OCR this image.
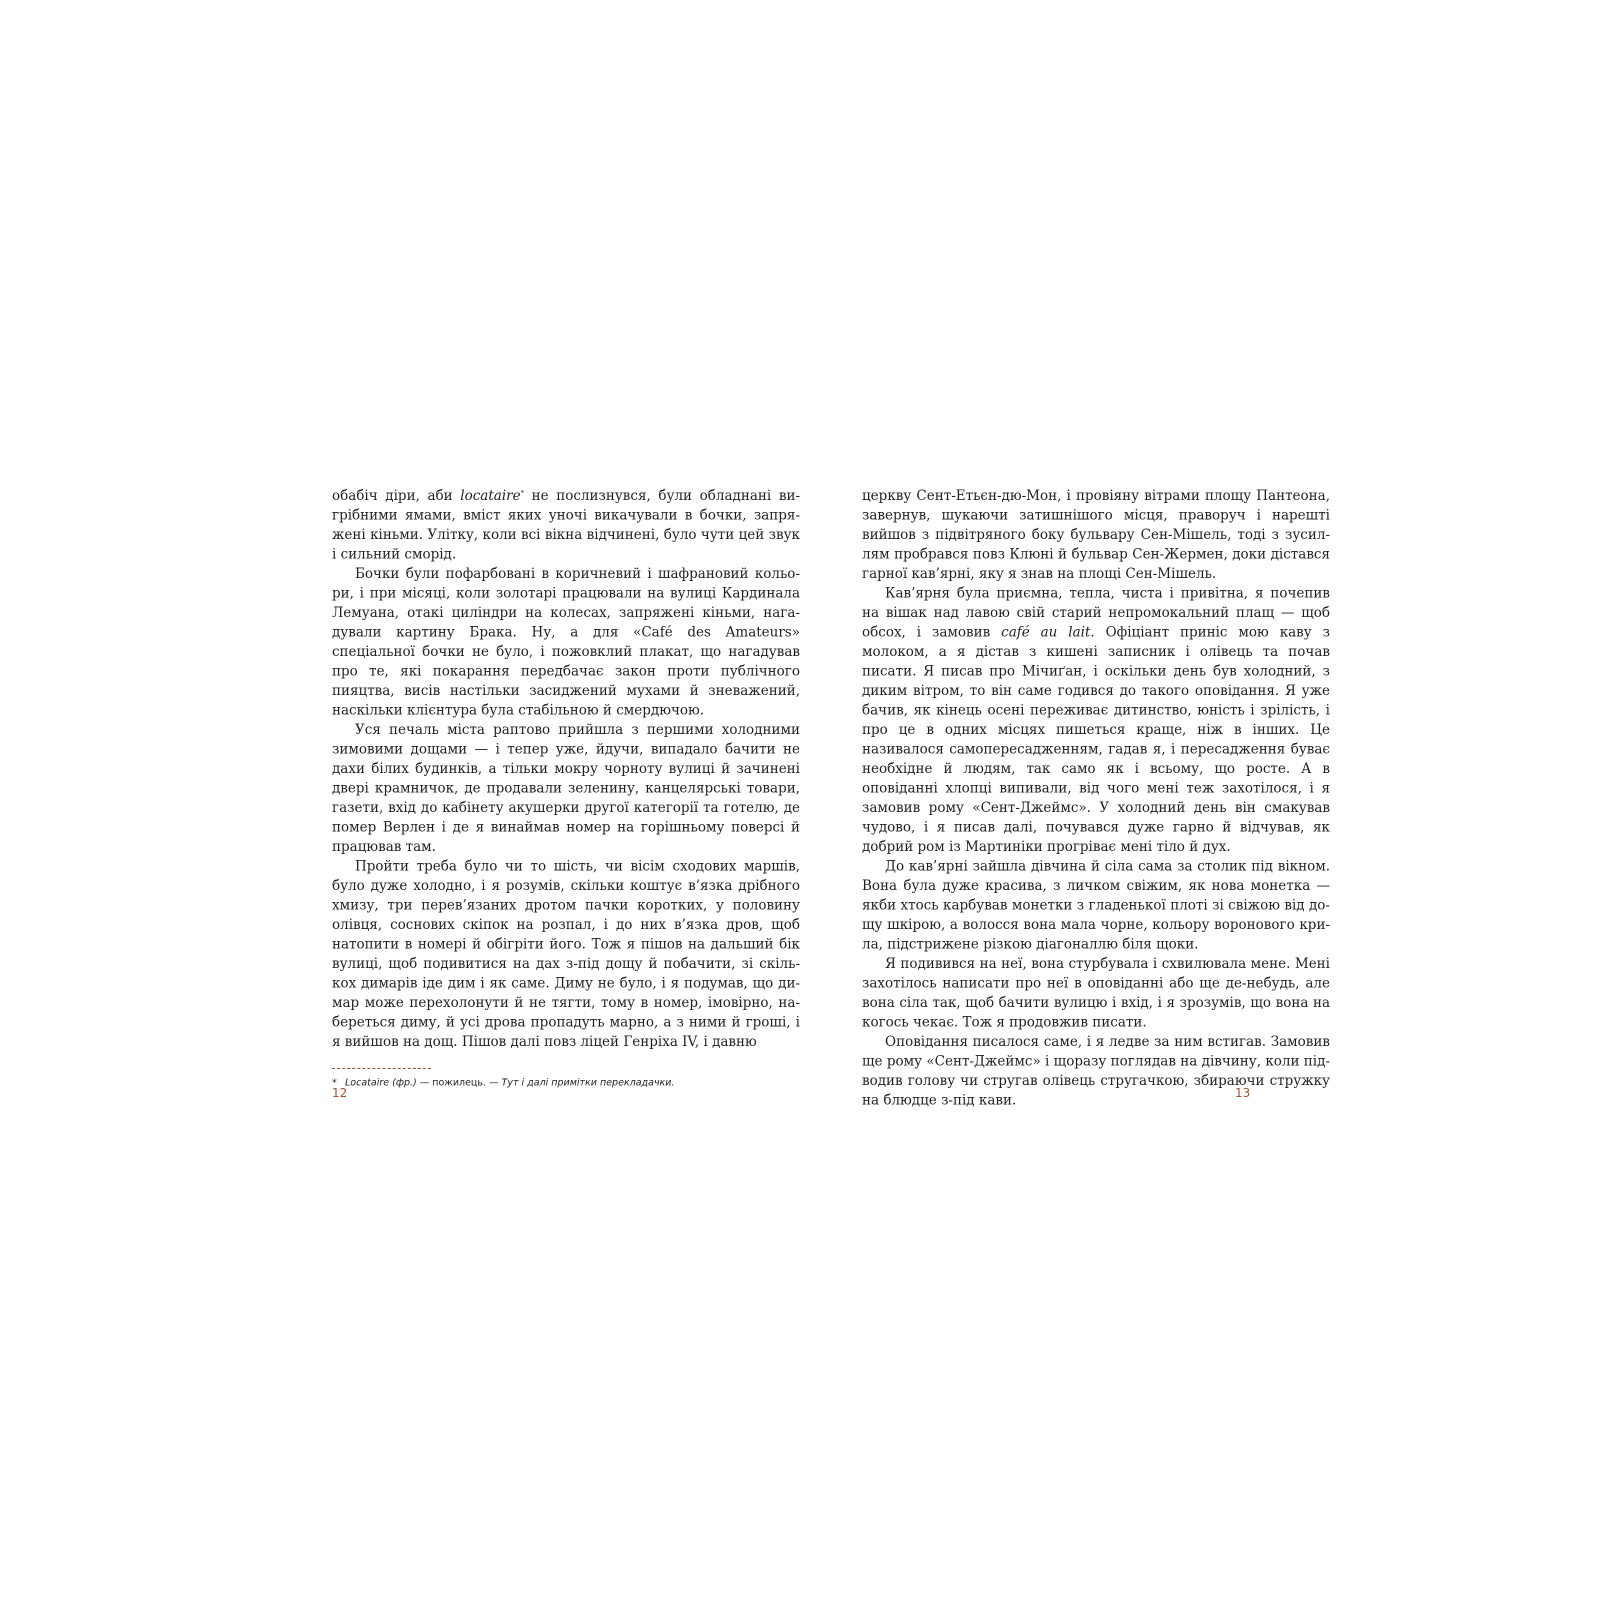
обабіч діри, аби locataire* не послизнувся, були обладнані вигрібними ямами, вміст яких уночі викачували в бочки, запряжені кіньми. Улітку, коли всі вікна відчинені, було чути цей звук і сильний сморід.

Бочки були пофарбовані в коричневий і шафрановий кольори, і при місяці, коли золотарі працювали на вулиці Кардинала Лемуана, отакі циліндри на колесах, запряжені кіньми, нагадували картину Брака. Ну, а для «Café des Amateurs» спеціальної бочки не було, і пожовклий плакат, що нагадував про те, які покарання передбачає закон проти публічного пияцтва, висів настільки засиджений мухами й зневажений, наскільки клієнтура була стабільною й смердючою.

Уся печаль міста раптово прийшла з першими холодними зимовими дощами — і тепер уже, йдучи, випадало бачити не дахи білих будинків, а тільки мокру чорноту вулиці й зачинені двері крамничок, де продавали зеленину, канцелярські товари, газети, вхід до кабінету акушерки другої категорії та готелю, де помер Верлен і де я винаймав номер на горішньому поверсі й працював там.

Пройти треба було чи то шість, чи вісім сходових маршів, було дуже холодно, і я розумів, скільки коштує в’язка дрібного хмизу, три перев’язаних дротом пачки коротких, у половину олівця, соснових скіпок на розпал, і до них в’язка дров, щоб натопити в номері й обігріти його. Тож я пішов на дальший бік вулиці, щоб подивитися на дах з-під дощу й побачити, зі скількох димарів іде дим і як саме. Диму не було, і я подумав, що димар може перехолонути й не тягти, тому в номер, імовірно, набереться диму, й усі дрова пропадуть марно, а з ними й гроші, і я вийшов на дощ. Пішов далі повз ліцей Генріха IV, і давню

* Locataire (фр.) — пожилець. — Тут і далі примітки перекладачки.

церкву Сент-Етьєн-дю-Мон, і провіяну вітрами площу Пантеона, завернув, шукаючи затишнішого місця, праворуч і нарешті вийшов з підвітряного боку бульвару Сен-Мішель, тоді з зусиллям пробрався повз Клюні й бульвар Сен-Жермен, доки дістався гарної кав’ярні, яку я знав на площі Сен-Мішель.

Кав’ярня була приємна, тепла, чиста і привітна, я почепив на вішак над лавою свій старий непромокальний плащ — щоб обсох, і замовив café au lait. Офіціант приніс мою каву з молоком, а я дістав з кишені записник і олівець та почав писати. Я писав про Мічиґан, і оскільки день був холодний, з диким вітром, то він саме годився до такого оповідання. Я уже бачив, як кінець осені переживає дитинство, юність і зрілість, і про це в одних місцях пишеться краще, ніж в інших. Це називалося самопересадженням, гадав я, і пересадження буває необхідне й людям, так само як і всьому, що росте. А в оповіданні хлопці випивали, від чого мені теж захотілося, і я замовив рому «Сент-Джеймс». У холодний день він смакував чудово, і я писав далі, почувався дуже гарно й відчував, як добрий ром із Мартиніки прогріває мені тіло й дух.

До кав’ярні зайшла дівчина й сіла сама за столик під вікном. Вона була дуже красива, з личком свіжим, як нова монетка — якби хтось карбував монетки з гладенької плоті зі свіжою від дощу шкірою, а волосся вона мала чорне, кольору воронового крила, підстрижене різкою діагоналлю біля щоки.

Я подивився на неї, вона стурбувала і схвилювала мене. Мені захотілось написати про неї в оповіданні або ще де-небудь, але вона сіла так, щоб бачити вулицю і вхід, і я зрозумів, що вона на когось чекає. Тож я продовжив писати.

Оповідання писалося саме, і я ледве за ним встигав. Замовив ще рому «Сент-Джеймс» і щоразу поглядав на дівчину, коли підводив голову чи стругав олівець стругачкою, збираючи стружку на блюдце з-під кави.

12	13
